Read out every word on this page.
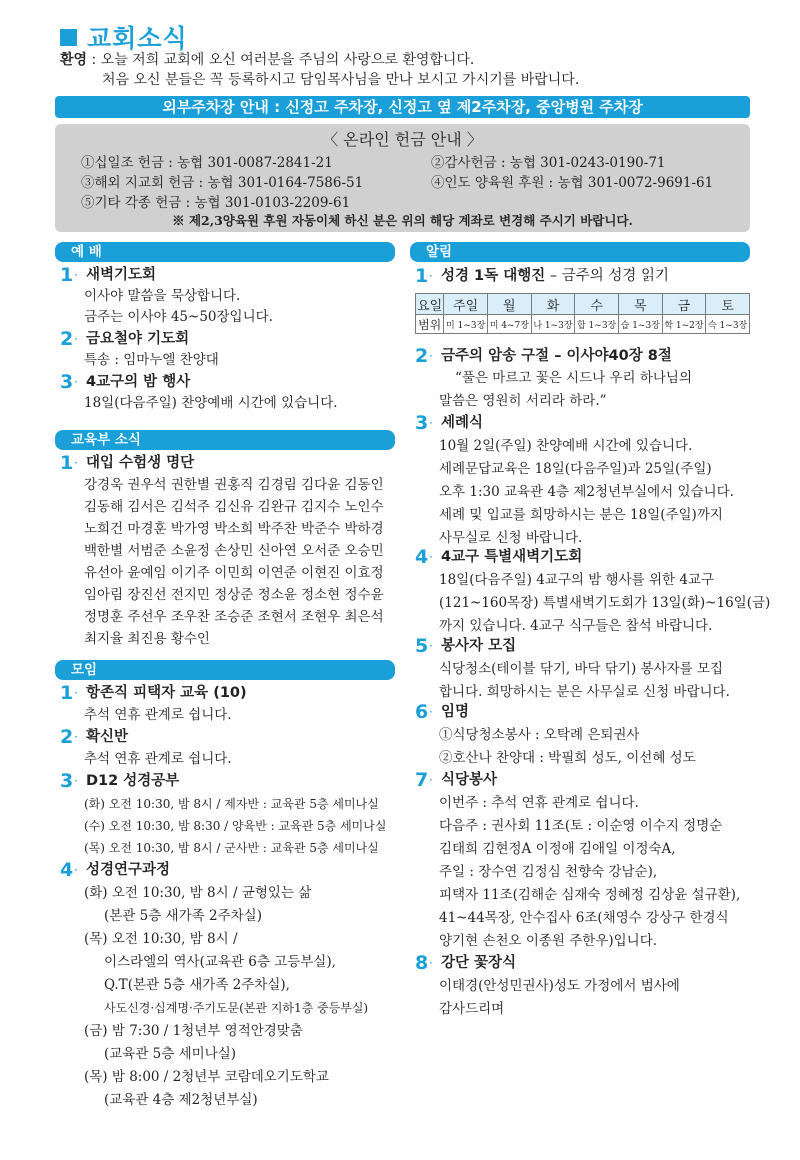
교회소식
환영 : 오늘 저희 교회에 오신 여러분을 주님의 사랑으로 환영합니다.
처음 오신 분들은 꼭 등록하시고 담임목사님을 만나 보시고 가시기를 바랍니다.
외부주차장 안내 : 신정고 주차장, 신정고 옆 제2주차장, 중앙병원 주차장
〈 온라인 헌금 안내 〉
①십일조 헌금 : 농협 301-0087-2841-21	②감사헌금 : 농협 301-0243-0190-71
③해외 지교회 헌금 : 농협 301-0164-7586-51	④인도 양육원 후원 : 농협 301-0072-9691-61
⑤기타 각종 헌금 : 농협 301-0103-2209-61
※ 제2,3양육원 후원 자동이체 하신 분은 위의 해당 계좌로 변경해 주시기 바랍니다.
예 배
1 · 새벽기도회
이사야 말씀을 묵상합니다.
금주는 이사야 45~50장입니다.
2 · 금요철야 기도회
특송 : 임마누엘 찬양대
3 · 4교구의 밤 행사
18일(다음주일) 찬양예배 시간에 있습니다.
교육부 소식
1 · 대입 수험생 명단
강경욱 권우석 권한별 권홍직 김경림 김다윤 김동인
김동해 김서은 김석주 김신유 김완규 김지수 노인수
노희건 마경훈 박가영 박소희 박주찬 박준수 박하경
백한별 서범준 소윤정 손상민 신아연 오서준 오승민
유선아 윤예임 이기주 이민희 이연준 이현진 이효정
임아림 장진선 전지민 정상준 정소윤 정소현 정수윤
정명훈 주선우 조우찬 조승준 조현서 조현우 최은석
최지율 최진용 황수인
모임
1 · 항존직 피택자 교육 (10)
추석 연휴 관계로 쉽니다.
2 · 확신반
추석 연휴 관계로 쉽니다.
3 · D12 성경공부
(화) 오전 10:30, 밤 8시 / 제자반 : 교육관 5층 세미나실
(수) 오전 10:30, 밤 8:30 / 양육반 : 교육관 5층 세미나실
(목) 오전 10:30, 밤 8시 / 군사반 : 교육관 5층 세미나실
4 · 성경연구과정
(화) 오전 10:30, 밤 8시 / 균형있는 삶
(본관 5층 새가족 2주차실)
(목) 오전 10:30, 밤 8시 /
이스라엘의 역사(교육관 6층 고등부실),
Q.T(본관 5층 새가족 2주차실),
사도신경·십계명·주기도문(본관 지하1층 중등부실)
(금) 밤 7:30 / 1청년부 영적안경맞춤
(교육관 5층 세미나실)
(목) 밤 8:00 / 2청년부 코람데오기도학교
(교육관 4층 제2청년부실)
알림
1 · 성경 1독 대행진 – 금주의 성경 읽기
요일	주일	월	화	수	목	금	토
범위	미 1~3장	미 4~7장	나 1~3장	합 1~3장	습 1~3장	학 1~2장	슥 1~3장
2 · 금주의 암송 구절 – 이사야40장 8절
“풀은 마르고 꽃은 시드나 우리 하나님의
말씀은 영원히 서리라 하라.”
3 · 세례식
10월 2일(주일) 찬양예배 시간에 있습니다.
세례문답교육은 18일(다음주일)과 25일(주일)
오후 1:30 교육관 4층 제2청년부실에서 있습니다.
세례 및 입교를 희망하시는 분은 18일(주일)까지
사무실로 신청 바랍니다.
4 · 4교구 특별새벽기도회
18일(다음주일) 4교구의 밤 행사를 위한 4교구
(121~160목장) 특별새벽기도회가 13일(화)~16일(금)
까지 있습니다. 4교구 식구들은 참석 바랍니다.
5 · 봉사자 모집
식당청소(테이블 닦기, 바닥 닦기) 봉사자를 모집
합니다. 희망하시는 분은 사무실로 신청 바랍니다.
6 · 임명
①식당청소봉사 : 오탁례 은퇴권사
②호산나 찬양대 : 박필희 성도, 이선혜 성도
7 · 식당봉사
이번주 : 추석 연휴 관계로 쉽니다.
다음주 : 권사회 11조(토 : 이순영 이수지 정명순
김태희 김현정A 이정애 김애일 이정숙A,
주일 : 장수연 김정심 천향숙 강남순),
피택자 11조(김해순 심재숙 정혜정 김상윤 설규환),
41~44목장, 안수집사 6조(채영수 강상구 한경식
양기현 손천오 이종원 주한우)입니다.
8 · 강단 꽃장식
이태경(안성민권사)성도 가정에서 범사에
감사드리며
